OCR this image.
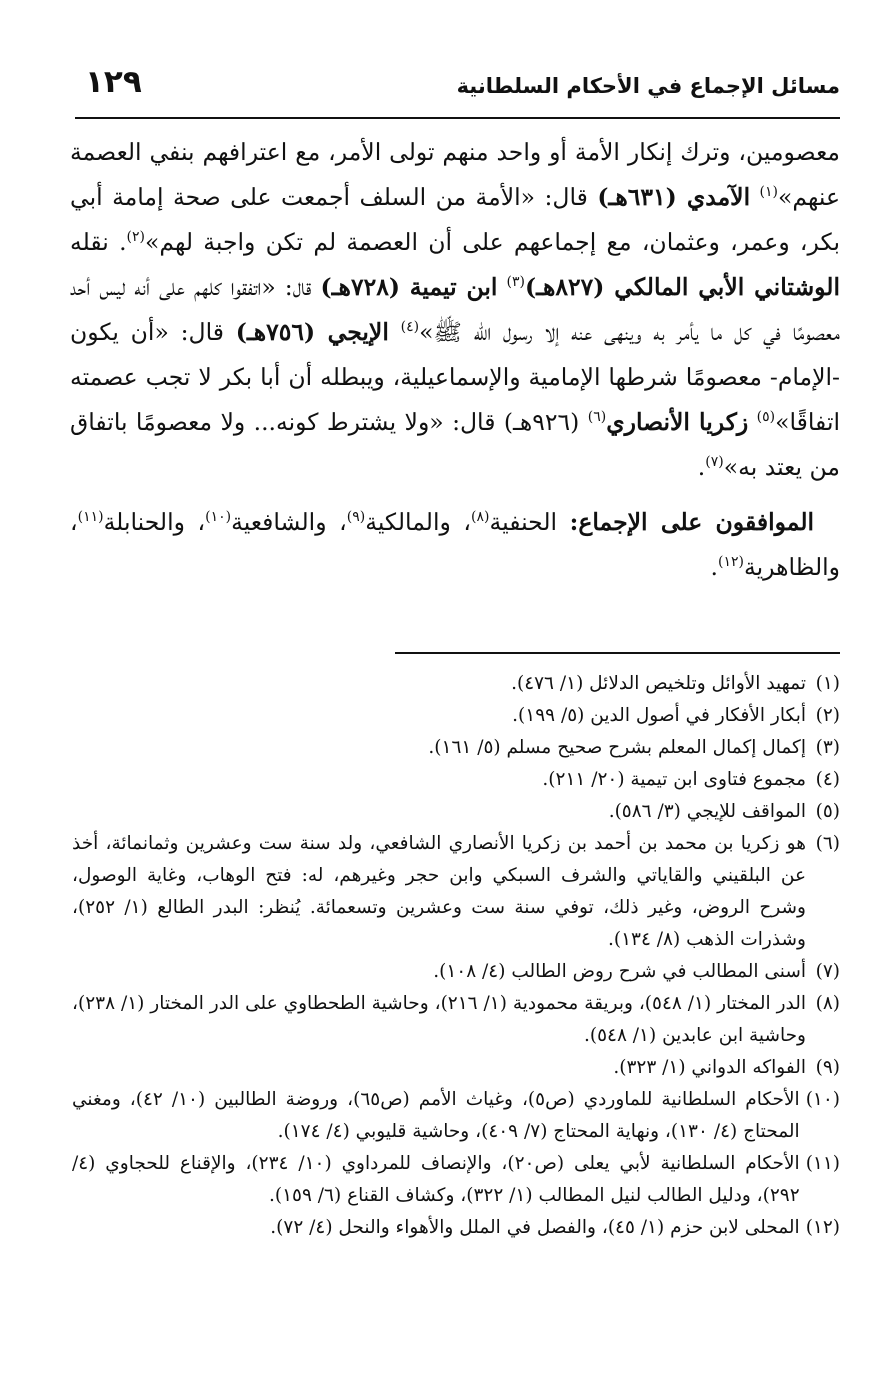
مسائل الإجماع في الأحكام السلطانية
١٢٩

معصومين، وترك إنكار الأمة أو واحد منهم تولى الأمر، مع اعترافهم بنفي العصمة عنهم»$^{(١)}$ الآمدي (٦٣١هـ) قال: «الأمة من السلف أجمعت على صحة إمامة أبي بكر، وعمر، وعثمان، مع إجماعهم على أن العصمة لم تكن واجبة لهم»$^{(٢)}$. نقله الوشتاني الأبي المالكي (٨٢٧هـ)$^{(٣)}$ ابن تيمية (٧٢٨هـ) قال: «اتفقوا كلهم على أنه ليس أحد معصومًا في كل ما يأمر به وينهى عنه إلا رسول الله ﷺ»$^{(٤)}$ الإيجي (٧٥٦هـ) قال: «أن يكون -الإمام- معصومًا شرطها الإمامية والإسماعيلية، ويبطله أن أبا بكر لا تجب عصمته اتفاقًا»$^{(٥)}$ زكريا الأنصاري$^{(٦)}$ (٩٢٦هـ) قال: «ولا يشترط كونه... ولا معصومًا باتفاق من يعتد به»$^{(٧)}$.

الموافقون على الإجماع: الحنفية$^{(٨)}$، والمالكية$^{(٩)}$، والشافعية$^{(١٠)}$، والحنابلة$^{(١١)}$، والظاهرية$^{(١٢)}$.

(١)
تمهيد الأوائل وتلخيص الدلائل (١/ ٤٧٦).
(٢)
أبكار الأفكار في أصول الدين (٥/ ١٩٩).
(٣)
إكمال إكمال المعلم بشرح صحيح مسلم (٥/ ١٦١).
(٤)
مجموع فتاوى ابن تيمية (٢٠/ ٢١١).
(٥)
المواقف للإيجي (٣/ ٥٨٦).
(٦)
هو زكريا بن محمد بن أحمد بن زكريا الأنصاري الشافعي، ولد سنة ست وعشرين وثمانمائة، أخذ عن البلقيني والقاياتي والشرف السبكي وابن حجر وغيرهم، له: فتح الوهاب، وغاية الوصول، وشرح الروض، وغير ذلك، توفي سنة ست وعشرين وتسعمائة. يُنظر: البدر الطالع (١/ ٢٥٢)، وشذرات الذهب (٨/ ١٣٤).
(٧)
أسنى المطالب في شرح روض الطالب (٤/ ١٠٨).
(٨)
الدر المختار (١/ ٥٤٨)، وبريقة محمودية (١/ ٢١٦)، وحاشية الطحطاوي على الدر المختار (١/ ٢٣٨)، وحاشية ابن عابدين (١/ ٥٤٨).
(٩)
الفواكه الدواني (١/ ٣٢٣).
(١٠)
الأحكام السلطانية للماوردي (ص٥)، وغياث الأمم (ص٦٥)، وروضة الطالبين (١٠/ ٤٢)، ومغني المحتاج (٤/ ١٣٠)، ونهاية المحتاج (٧/ ٤٠٩)، وحاشية قليوبي (٤/ ١٧٤).
(١١)
الأحكام السلطانية لأبي يعلى (ص٢٠)، والإنصاف للمرداوي (١٠/ ٢٣٤)، والإقناع للحجاوي (٤/ ٢٩٢)، ودليل الطالب لنيل المطالب (١/ ٣٢٢)، وكشاف القناع (٦/ ١٥٩).
(١٢)
المحلى لابن حزم (١/ ٤٥)، والفصل في الملل والأهواء والنحل (٤/ ٧٢).
